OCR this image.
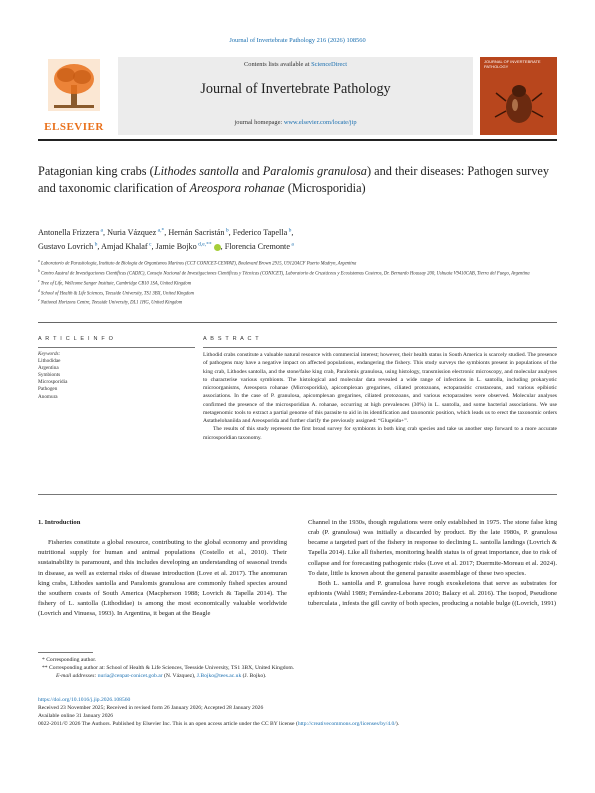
Journal of Invertebrate Pathology 216 (2026) 108560
ELSEVIER
Contents lists available at ScienceDirect
Journal of Invertebrate Pathology
journal homepage: www.elsevier.com/locate/jip
JOURNAL OF INVERTEBRATE PATHOLOGY
Patagonian king crabs (Lithodes santolla and Paralomis granulosa) and their diseases: Pathogen survey and taxonomic clarification of Areospora rohanae (Microsporidia)
Antonella Frizzera $^a$, Nuria Vázquez $^{a,*}$, Hernán Sacristán $^b$, Federico Tapella $^b$,
Gustavo Lovrich $^b$, Amjad Khalaf $^c$, Jamie Bojko $^{d,e,**}$ , Florencia Cremonte $^a$
$^a$ Laboratorio de Parasitología, Instituto de Biología de Organismos Marinos (CCT CONICET-CENPAT), Boulevard Brown 2915, U9120ACF Puerto Madryn, Argentina
$^b$ Centro Austral de Investigaciones Científicas (CADIC), Consejo Nacional de Investigaciones Científicas y Técnicas (CONICET), Laboratorio de Crustáceos y Ecosistemas Costeros, Dr. Bernardo Houssay 200, Ushuaia V9410CAB, Tierra del Fuego, Argentina
$^c$ Tree of Life, Wellcome Sanger Institute, Cambridge CB10 1SA, United Kingdom
$^d$ School of Health & Life Sciences, Teesside University, TS1 3BX, United Kingdom
$^e$ National Horizons Centre, Teesside University, DL1 1HG, United Kingdom
A R T I C L E I N F O	A B S T R A C T
Keywords:
Lithodidae
Argentina
Symbionts
Microsporidia
Pathogen
Anomura

Lithodid crabs constitute a valuable natural resource with commercial interest; however, their health status in South America is scarcely studied. The presence of pathogens may have a negative impact on affected populations, endangering the fishery. This study surveys the symbionts present in populations of the king crab, Lithodes santolla, and the stone/false king crab, Paralomis granulosa, using histology, transmission electronic microscopy, and molecular analyses to characterise various symbionts. The histological and molecular data revealed a wide range of infections in L. santolla, including prokaryotic microorganisms, Areospora rohanae (Microsporidia), apicomplexan gregarines, ciliated protozoans, ectoparasitic crustaceans, and various epibiotic associations. In the case of P. granulosa, apicomplexan gregarines, ciliated protozoans, and various ectoparasites were observed. Molecular analyses confirmed the presence of the microsporidian A. rohanae, occurring at high prevalences (30%) in L. santolla, and some bacterial associations. We use metagenomic tools to extract a partial genome of this parasite to aid in its identification and taxonomic position, which leads us to erect the taxonomic orders Astathelohaniida and Areosporida and further clarify the previously assigned: “Glugeida+”.

The results of this study represent the first broad survey for symbionts in both king crab species and take us another step forward to a more accurate microsporidian taxonomy.

1. Introduction

Fisheries constitute a global resource, contributing to the global economy and providing nutritional supply for human and animal populations (Costello et al., 2010). Their sustainability is paramount, and this includes developing an understanding of seasonal trends in disease, as well as external risks of disease introduction (Love et al. 2017). The anomuran king crabs, Lithodes santolla and Paralomis granulosa are commonly fished species around the southern coasts of South America (Macpherson 1988; Lovrich & Tapella 2014). The fishery of L. santolla (Lithodidae) is among the most economically valuable worldwide (Lovrich and Vinuesa, 1993). In Argentina, it began at the Beagle

Channel in the 1930s, though regulations were only established in 1975. The stone false king crab (P. granulosa) was initially a discarded by product. By the late 1980s, P. granulosa became a targeted part of the fishery in response to declining L. santolla landings (Lovrich & Tapella 2014). Like all fisheries, monitoring health status is of great importance, due to risk of collapse and for forecasting pathogenic risks (Love et al. 2017; Duermite-Moreau et al. 2024). To date, little is known about the general parasite assemblage of these two species.

Both L. santolla and P. granulosa have rough exoskeletons that serve as substrates for epibionts (Wahl 1989; Fernández-Leborans 2010; Balazy et al. 2016). The isopod, Pseudione tuberculata , infests the gill cavity of both species, producing a notable bulge ((Lovrich, 1991)

* Corresponding author.
** Corresponding author at: School of Health & Life Sciences, Teesside University, TS1 3BX, United Kingdom.
E-mail addresses: nuria@cenpat-conicet.gob.ar (N. Vázquez), J.Bojko@tees.ac.uk (J. Bojko).
https://doi.org/10.1016/j.jip.2026.108560
Received 23 November 2025; Received in revised form 26 January 2026; Accepted 28 January 2026
Available online 31 January 2026
0022-2011/© 2026 The Authors. Published by Elsevier Inc. This is an open access article under the CC BY license (http://creativecommons.org/licenses/by/4.0/).
